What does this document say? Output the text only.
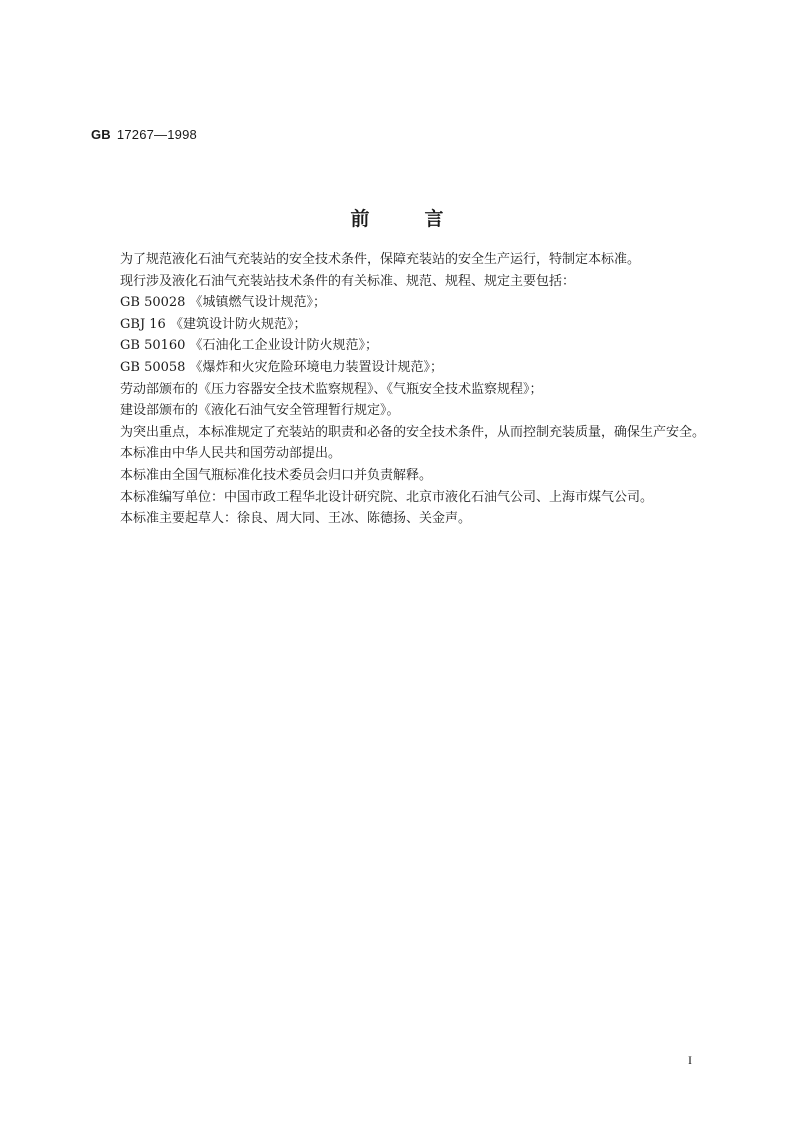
GB 17267—1998
前言

为了规范液化石油气充装站的安全技术条件，保障充装站的安全生产运行，特制定本标准。

现行涉及液化石油气充装站技术条件的有关标准、规范、规程、规定主要包括：

GB 50028 《城镇燃气设计规范》；

GBJ 16 《建筑设计防火规范》；

GB 50160 《石油化工企业设计防火规范》；

GB 50058 《爆炸和火灾危险环境电力装置设计规范》；

劳动部颁布的《压力容器安全技术监察规程》、《气瓶安全技术监察规程》；

建设部颁布的《液化石油气安全管理暂行规定》。

为突出重点，本标准规定了充装站的职责和必备的安全技术条件，从而控制充装质量，确保生产安全。

本标准由中华人民共和国劳动部提出。

本标准由全国气瓶标准化技术委员会归口并负责解释。

本标准编写单位：中国市政工程华北设计研究院、北京市液化石油气公司、上海市煤气公司。

本标准主要起草人：徐良、周大同、王冰、陈德扬、关金声。

I
